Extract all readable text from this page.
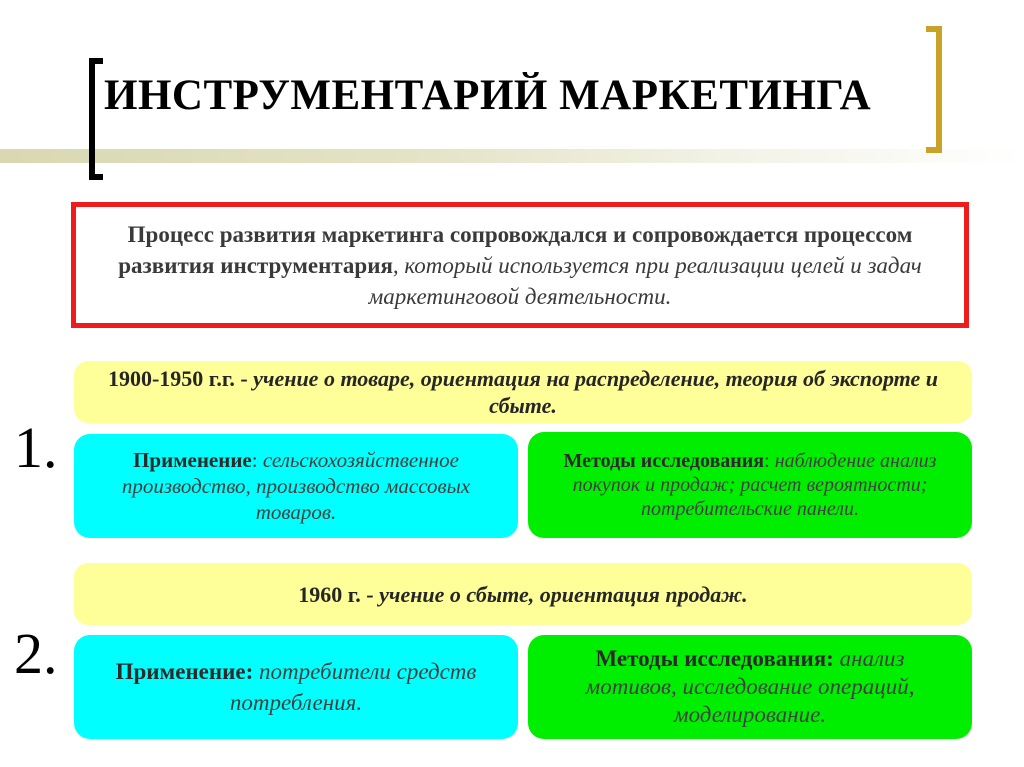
ИНСТРУМЕНТАРИЙ МАРКЕТИНГА
Процесс развития маркетинга сопровождался и сопровождается процессом развития инструментария, который используется при реализации целей и задач маркетинговой деятельности.
1900-1950 г.г. - учение о товаре, ориентация на распределение, теория об экспорте и сбыте.
1.	Применение: сельскохозяйственное производство, производство массовых товаров.
Методы исследования: наблюдение анализ покупок и продаж; расчет вероятности; потребительские панели.
1960 г. - учение о сбыте, ориентация продаж.
2.	Применение: потребители средств потребления.
Методы исследования: анализ мотивов, исследование операций, моделирование.
